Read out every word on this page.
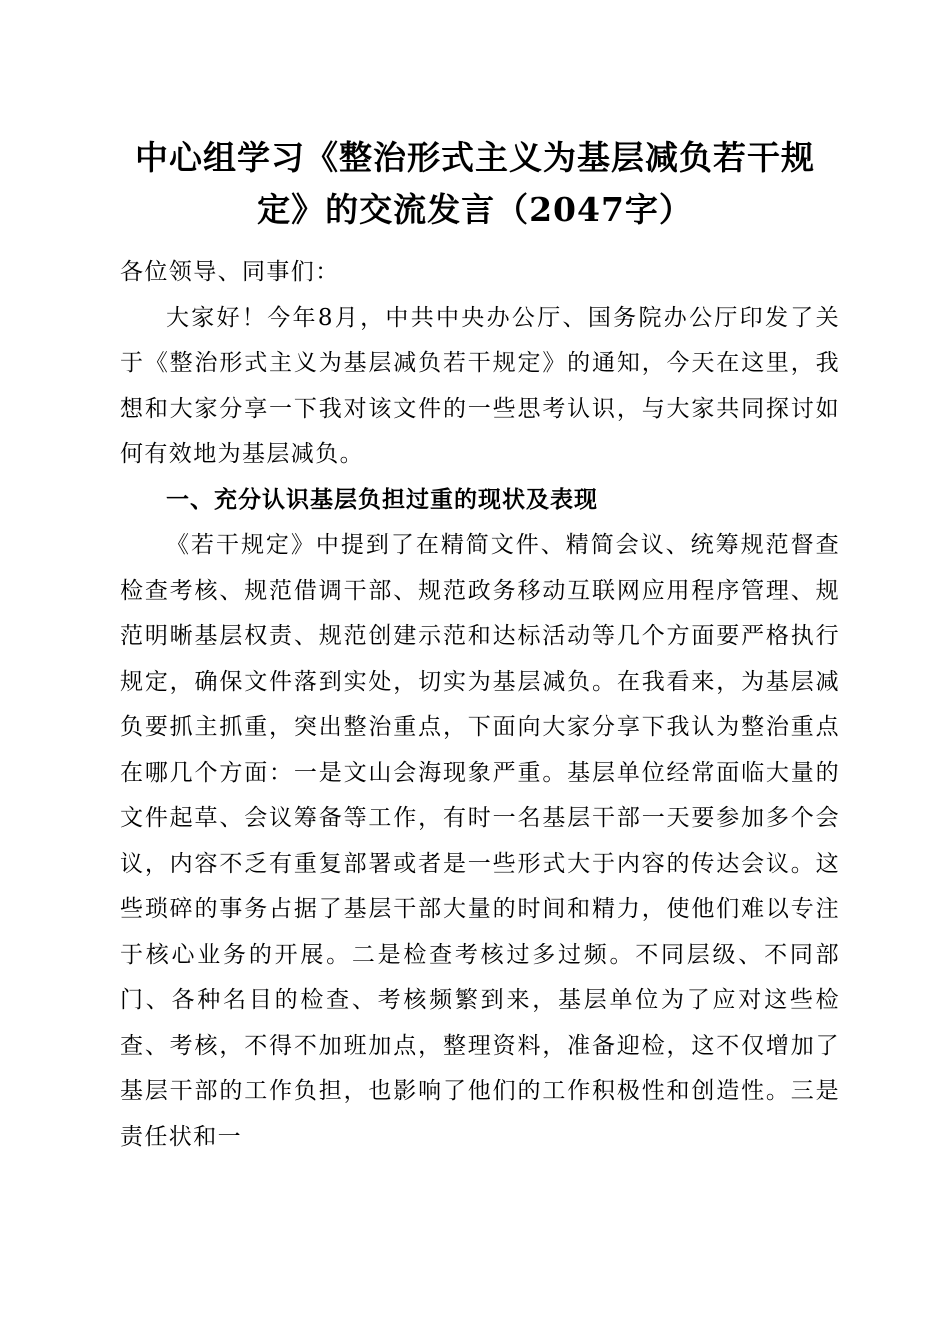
中心组学习《整治形式主义为基层减负若干规
定》的交流发言（2047字）

各位领导、同事们：

大家好！今年8月，中共中央办公厅、国务院办公厅印发了关于《整治形式主义为基层减负若干规定》的通知，今天在这里，我想和大家分享一下我对该文件的一些思考认识，与大家共同探讨如何有效地为基层减负。

一、充分认识基层负担过重的现状及表现

《若干规定》中提到了在精简文件、精简会议、统筹规范督查检查考核、规范借调干部、规范政务移动互联网应用程序管理、规范明晰基层权责、规范创建示范和达标活动等几个方面要严格执行规定，确保文件落到实处，切实为基层减负。在我看来，为基层减负要抓主抓重，突出整治重点，下面向大家分享下我认为整治重点在哪几个方面：一是文山会海现象严重。基层单位经常面临大量的文件起草、会议筹备等工作，有时一名基层干部一天要参加多个会议，内容不乏有重复部署或者是一些形式大于内容的传达会议。这些琐碎的事务占据了基层干部大量的时间和精力，使他们难以专注于核心业务的开展。二是检查考核过多过频。不同层级、不同部门、各种名目的检查、考核频繁到来，基层单位为了应对这些检查、考核，不得不加班加点，整理资料，准备迎检，这不仅增加了基层干部的工作负担，也影响了他们的工作积极性和创造性。三是责任状和一
